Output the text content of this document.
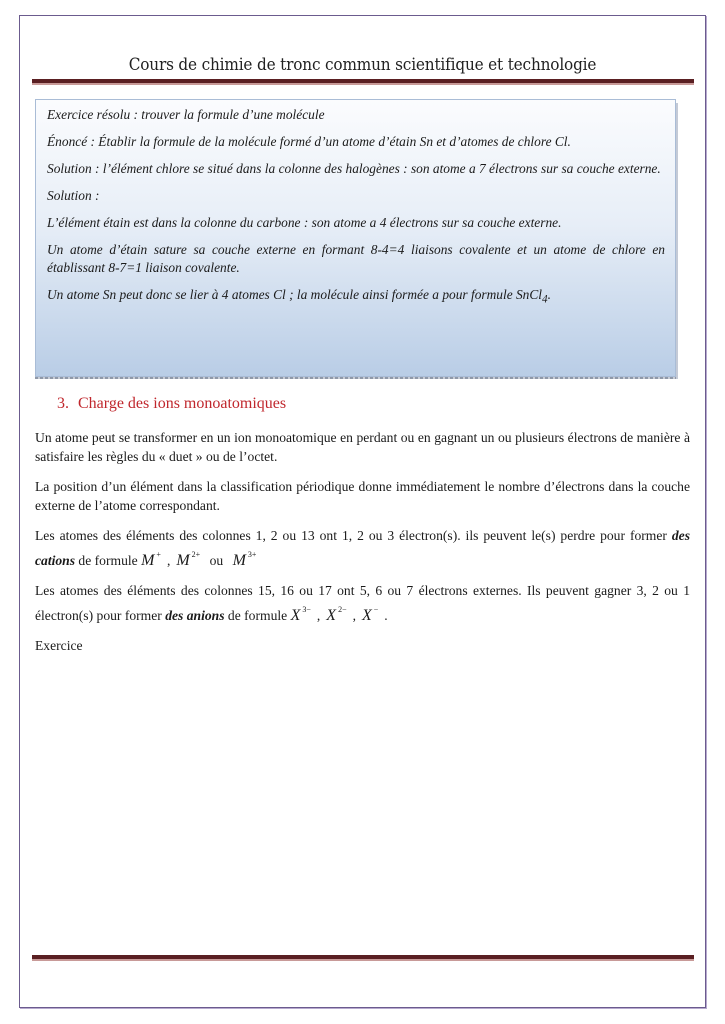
Cours de chimie de tronc commun scientifique et technologie

Exercice résolu : trouver la formule d’une molécule

Énoncé : Établir la formule de la molécule formé d’un atome d’étain Sn et d’atomes de chlore Cl.

Solution : l’élément chlore se situé dans la colonne des halogènes : son atome a 7 électrons sur sa couche externe.

Solution :

L’élément étain est dans la colonne du carbone : son atome a 4 électrons sur sa couche externe.

Un atome d’étain sature sa couche externe en formant 8-4=4 liaisons covalente et un atome de chlore en établissant 8-7=1 liaison covalente.

Un atome Sn peut donc se lier à 4 atomes Cl ; la molécule ainsi formée a pour formule SnCl$_4$.

3. Charge des ions monoatomiques

Un atome peut se transformer en un ion monoatomique en perdant ou en gagnant un ou plusieurs électrons de manière à satisfaire les règles du « duet » ou de l’octet.

La position d’un élément dans la classification périodique donne immédiatement le nombre d’électrons dans la couche externe de l’atome correspondant.

Les atomes des éléments des colonnes 1, 2 ou 13 ont 1, 2 ou 3 électron(s). ils peuvent le(s) perdre pour former des cations de formule M + , M $^{2+}$ ou M $^{3+}$

Les atomes des éléments des colonnes 15, 16 ou 17 ont 5, 6 ou 7 électrons externes. Ils peuvent gagner 3, 2 ou 1 électron(s) pour former des anions de formule X $^{3-}$ , X $^{2-}$ , X − .

Exercice
